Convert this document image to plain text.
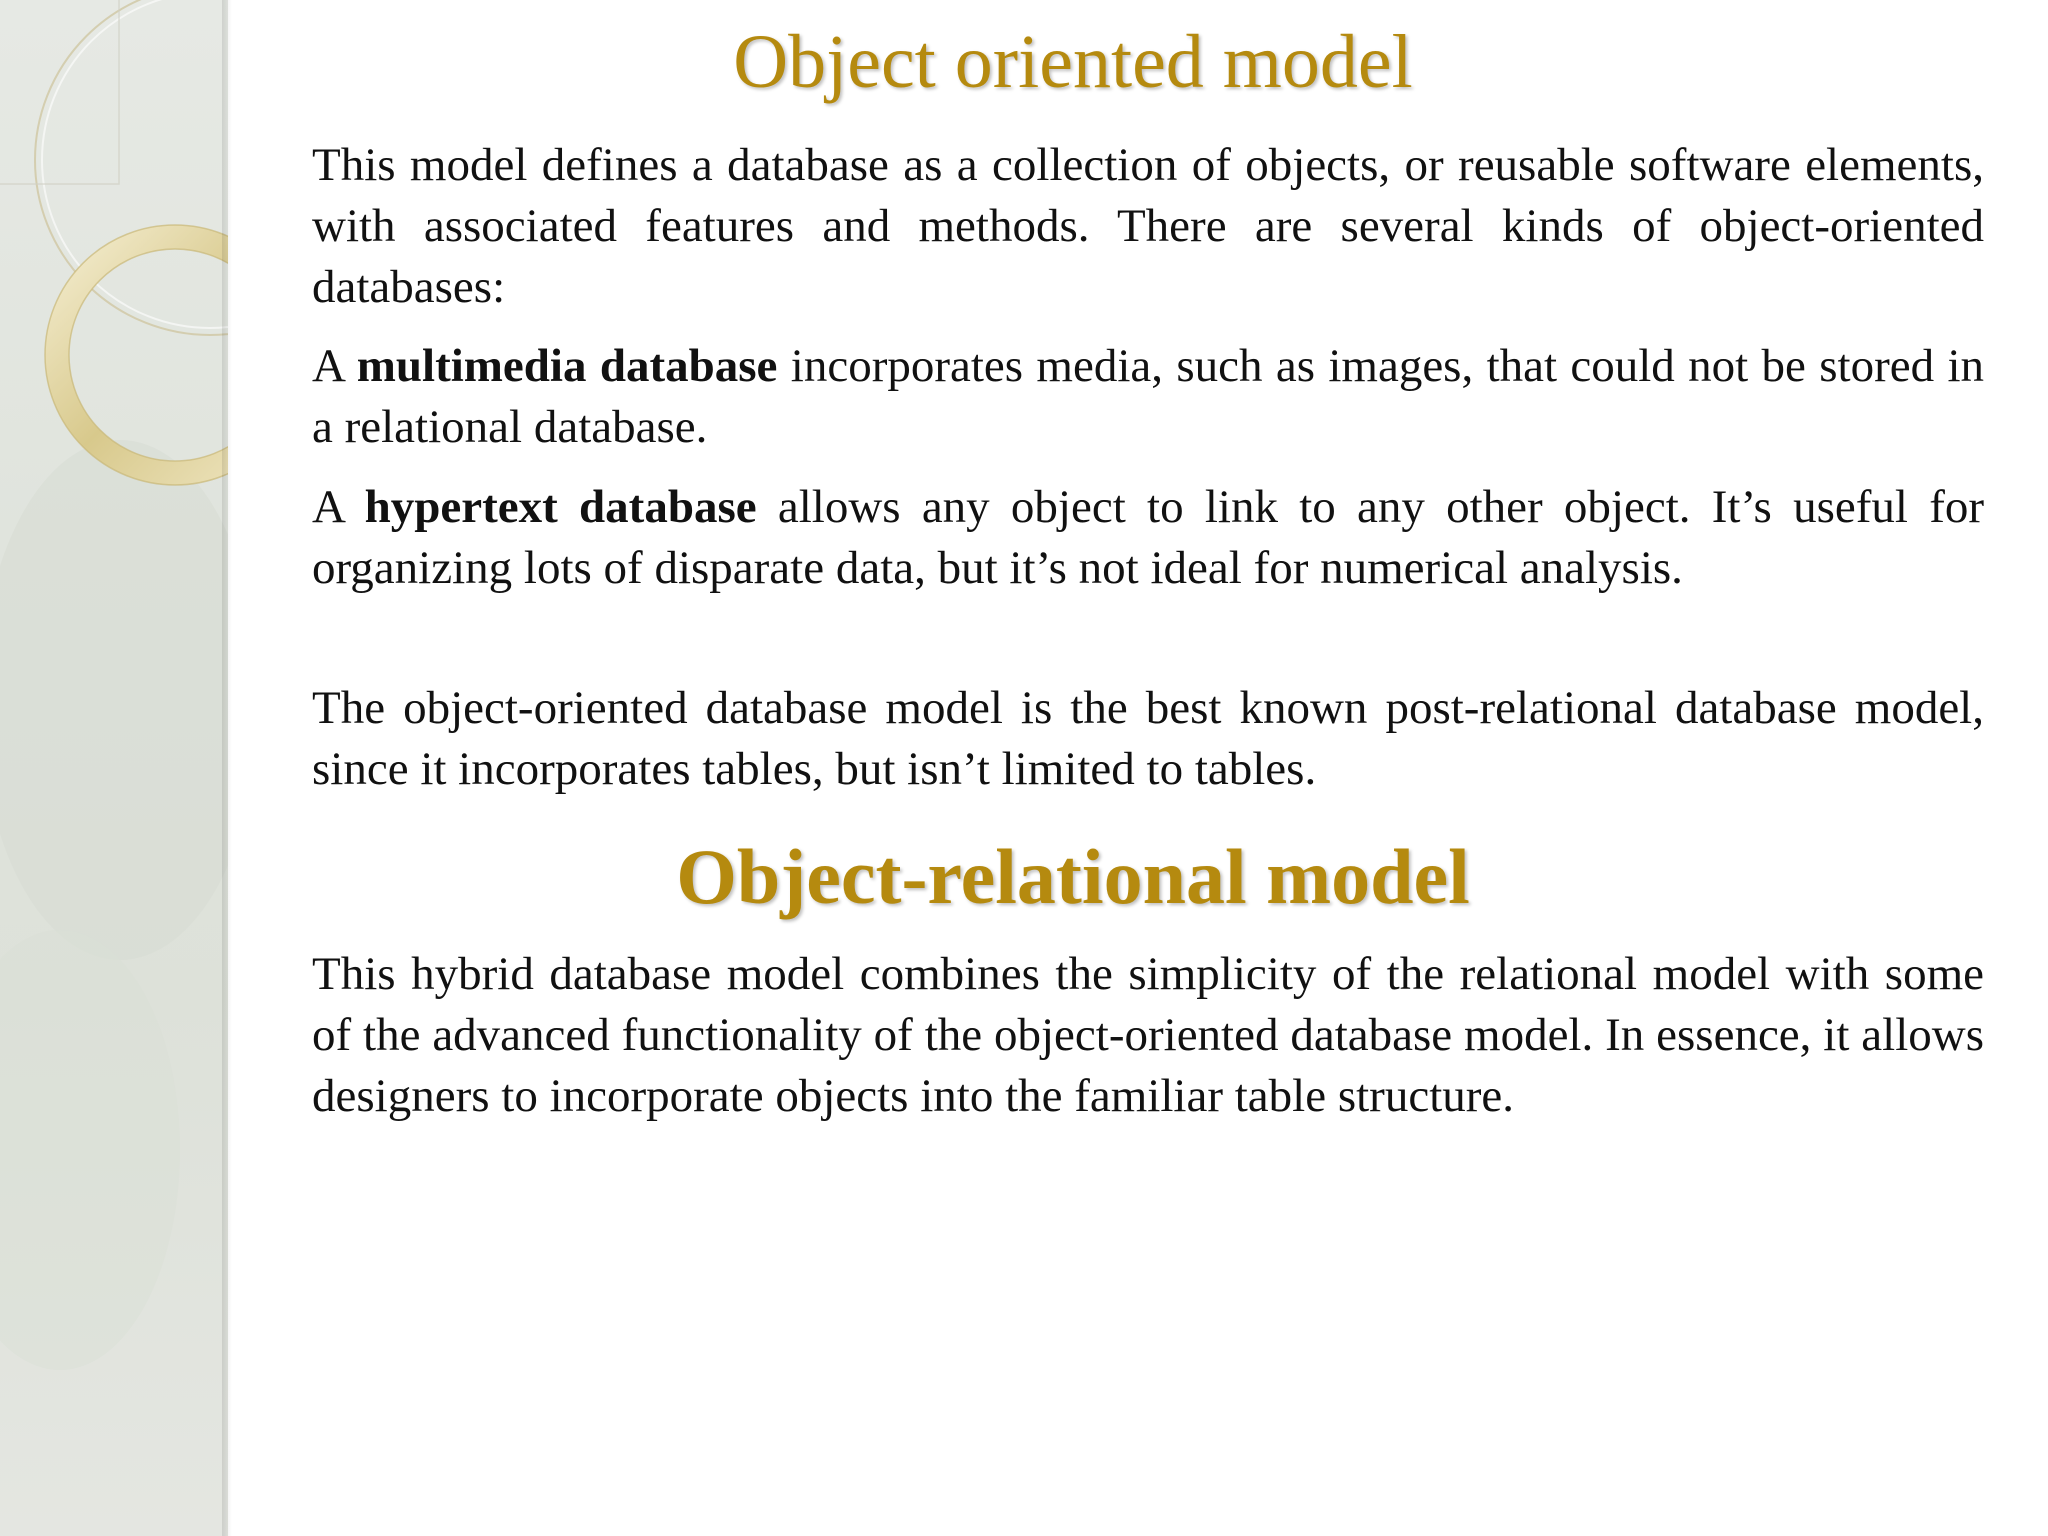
Object oriented model

This model defines a database as a collection of objects, or reusable software elements, with associated features and methods. There are several kinds of object-oriented databases:

A multimedia database incorporates media, such as images, that could not be stored in a relational database.

A hypertext database allows any object to link to any other object. It’s useful for organizing lots of disparate data, but it’s not ideal for numerical analysis.

The object-oriented database model is the best known post-relational database model, since it incorporates tables, but isn’t limited to tables.

Object-relational model

This hybrid database model combines the simplicity of the relational model with some of the advanced functionality of the object-oriented database model. In essence, it allows designers to incorporate objects into the familiar table structure.
